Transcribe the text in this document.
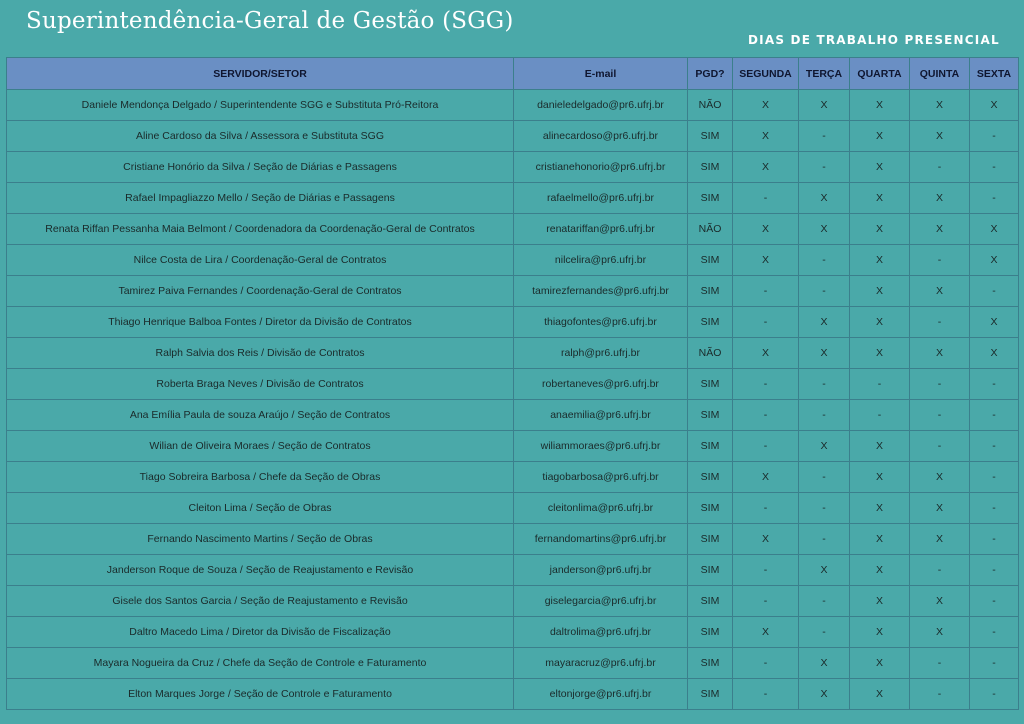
Superintendência-Geral de Gestão (SGG)
DIAS DE TRABALHO PRESENCIAL
SERVIDOR/SETOR	E-mail	PGD?	SEGUNDA	TERÇA	QUARTA	QUINTA	SEXTA
Daniele Mendonça Delgado / Superintendente SGG e Substituta Pró-Reitora	danieledelgado@pr6.ufrj.br	NÃO	X	X	X	X	X
Aline Cardoso da Silva / Assessora e Substituta SGG	alinecardoso@pr6.ufrj.br	SIM	X	-	X	X	-
Cristiane Honório da Silva / Seção de Diárias e Passagens	cristianehonorio@pr6.ufrj.br	SIM	X	-	X	-	-
Rafael Impagliazzo Mello / Seção de Diárias e Passagens	rafaelmello@pr6.ufrj.br	SIM	-	X	X	X	-
Renata Riffan Pessanha Maia Belmont / Coordenadora da Coordenação-Geral de Contratos	renatariffan@pr6.ufrj.br	NÃO	X	X	X	X	X
Nilce Costa de Lira / Coordenação-Geral de Contratos	nilcelira@pr6.ufrj.br	SIM	X	-	X	-	X
Tamirez Paiva Fernandes / Coordenação-Geral de Contratos	tamirezfernandes@pr6.ufrj.br	SIM	-	-	X	X	-
Thiago Henrique Balboa Fontes / Diretor da Divisão de Contratos	thiagofontes@pr6.ufrj.br	SIM	-	X	X	-	X
Ralph Salvia dos Reis / Divisão de Contratos	ralph@pr6.ufrj.br	NÃO	X	X	X	X	X
Roberta Braga Neves / Divisão de Contratos	robertaneves@pr6.ufrj.br	SIM	-	-	-	-	-
Ana Emília Paula de souza Araújo / Seção de Contratos	anaemilia@pr6.ufrj.br	SIM	-	-	-	-	-
Wilian de Oliveira Moraes / Seção de Contratos	wiliammoraes@pr6.ufrj.br	SIM	-	X	X	-	-
Tiago Sobreira Barbosa / Chefe da Seção de Obras	tiagobarbosa@pr6.ufrj.br	SIM	X	-	X	X	-
Cleiton Lima / Seção de Obras	cleitonlima@pr6.ufrj.br	SIM	-	-	X	X	-
Fernando Nascimento Martins / Seção de Obras	fernandomartins@pr6.ufrj.br	SIM	X	-	X	X	-
Janderson Roque de Souza / Seção de Reajustamento e Revisão	janderson@pr6.ufrj.br	SIM	-	X	X	-	-
Gisele dos Santos Garcia / Seção de Reajustamento e Revisão	giselegarcia@pr6.ufrj.br	SIM	-	-	X	X	-
Daltro Macedo Lima / Diretor da Divisão de Fiscalização	daltrolima@pr6.ufrj.br	SIM	X	-	X	X	-
Mayara Nogueira da Cruz / Chefe da Seção de Controle e Faturamento	mayaracruz@pr6.ufrj.br	SIM	-	X	X	-	-
Elton Marques Jorge / Seção de Controle e Faturamento	eltonjorge@pr6.ufrj.br	SIM	-	X	X	-	-
